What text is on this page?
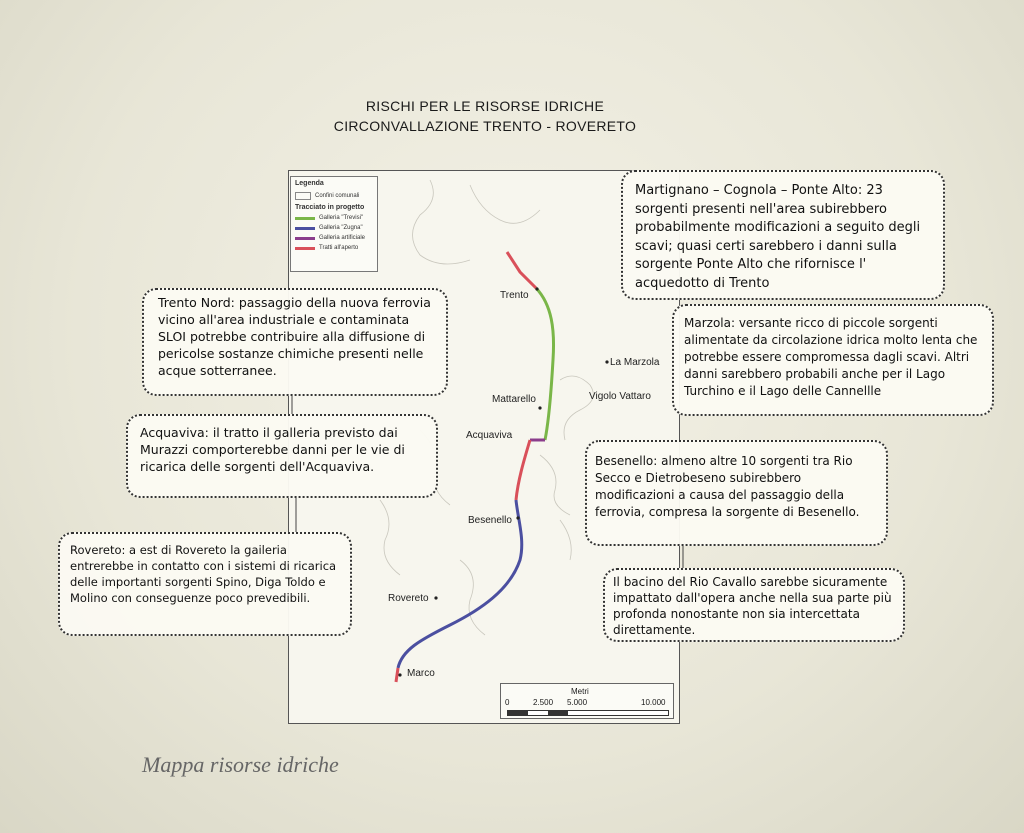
RISCHI PER LE RISORSE IDRICHE
CIRCONVALLAZIONE TRENTO - ROVERETO
Legenda
Confini comunali
Tracciato in progetto
Galleria "Trevisi"
Galleria "Zugna"
Galleria artificiale
Tratti all'aperto
Trento
Mattarello
Acquaviva
Besenello
Rovereto
Marco
La Marzola
Vigolo Vattaro
Martignano – Cognola – Ponte Alto: 23 sorgenti presenti nell'area subirebbero probabilmente modificazioni a seguito degli scavi; quasi certi sarebbero i danni sulla sorgente Ponte Alto che rifornisce l' acquedotto di Trento
Trento Nord: passaggio della nuova ferrovia vicino all'area industriale e contaminata SLOI potrebbe contribuire alla diffusione di pericolse sostanze chimiche presenti nelle acque sotterranee.
Marzola: versante ricco di piccole sorgenti alimentate da circolazione idrica molto lenta che potrebbe essere compromessa dagli scavi. Altri danni sarebbero probabili anche per il Lago Turchino e il Lago delle Cannellle
Acquaviva: il tratto il galleria previsto dai Murazzi comporterebbe danni per le vie di ricarica delle sorgenti dell'Acquaviva.	Besenello: almeno altre 10 sorgenti tra Rio Secco e Dietrobeseno subirebbero modificazioni a causa del passaggio della ferrovia, compresa la sorgente di Besenello.
Rovereto: a est di Rovereto la gaileria entrerebbe in contatto con i sistemi di ricarica delle importanti sorgenti Spino, Diga Toldo e Molino con conseguenze poco prevedibili.
Il bacino del Rio Cavallo sarebbe sicuramente impattato dall'opera anche nella sua parte più profonda nonostante non sia intercettata direttamente.
Metri
0	2.500 5.000	10.000
Mappa risorse idriche
